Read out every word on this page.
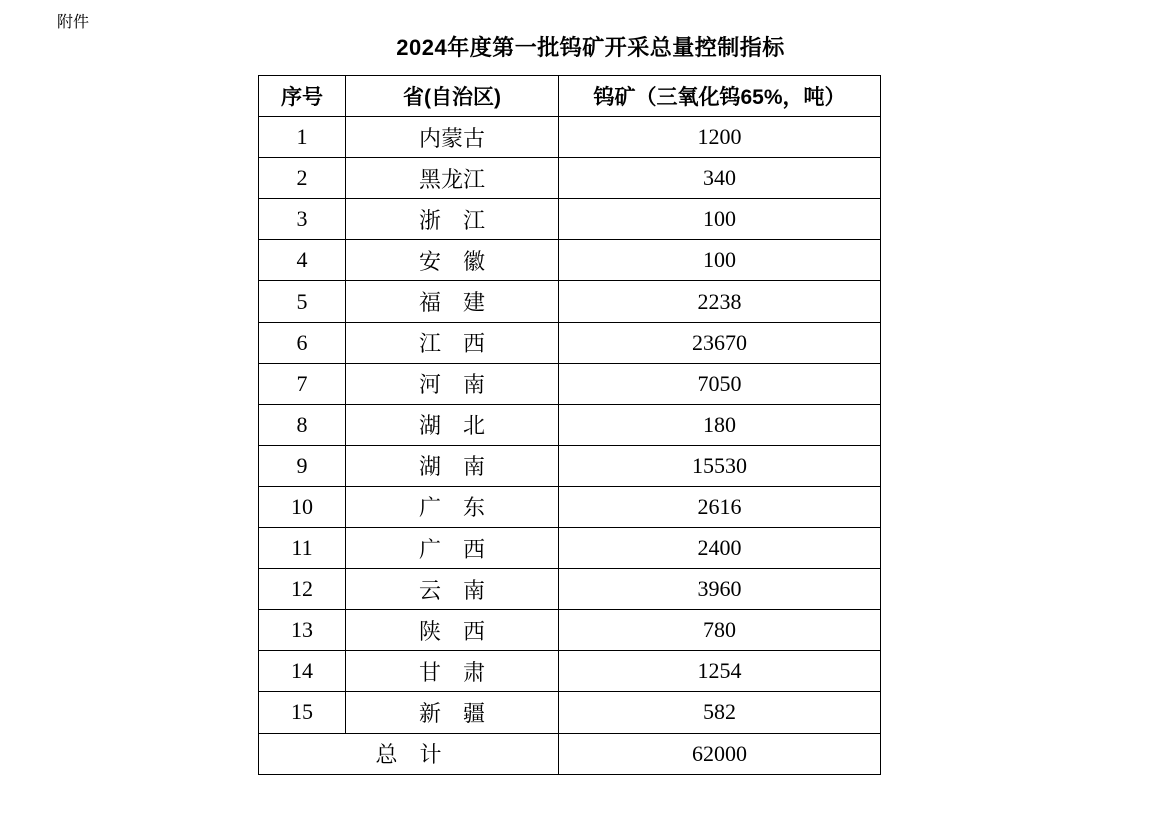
附件
2024年度第一批钨矿开采总量控制指标
序号	省(自治区)	钨矿（三氧化钨65%，吨）
1	内蒙古	1200
2	黑龙江	340
3	浙　江	100
4	安　徽	100
5	福　建	2238
6	江　西	23670
7	河　南	7050
8	湖　北	180
9	湖　南	15530
10	广　东	2616
11	广　西	2400
12	云　南	3960
13	陕　西	780
14	甘　肃	1254
15	新　疆	582
总　计		62000
